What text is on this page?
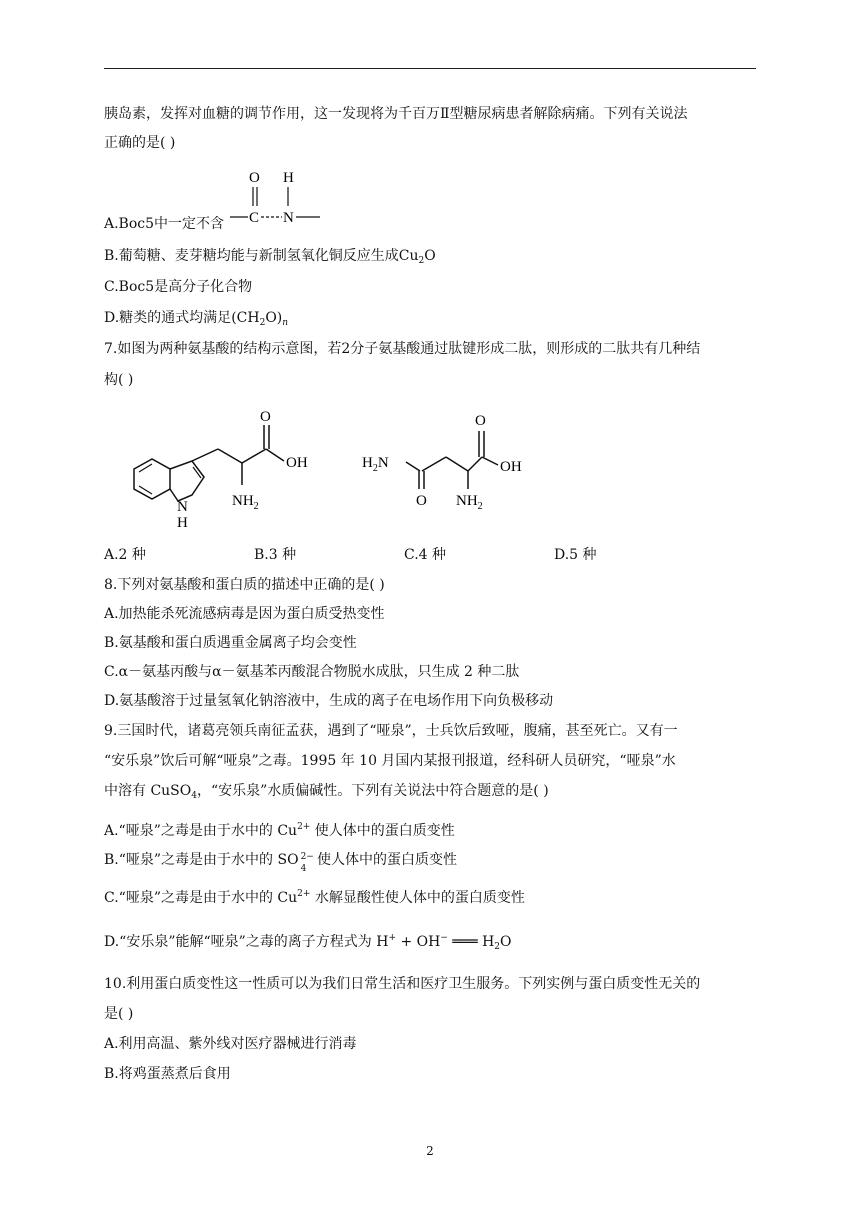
胰岛素，发挥对血糖的调节作用，这一发现将为千百万Ⅱ型糖尿病患者解除病痛。下列有关说法
正确的是( )
O H
C N
A.Boc5中一定不含
B.葡萄糖、麦芽糖均能与新制氢氧化铜反应生成$Cu_2O$
C.Boc5是高分子化合物
D.糖类的通式均满足$(CH_2O)_n$
7.如图为两种氨基酸的结构示意图，若2分子氨基酸通过肽键形成二肽，则形成的二肽共有几种结
构( )
N
H
O
OH
$NH_2$
$H_2N$
O
O
OH
$NH_2$
A.2 种	B.3 种	C.4 种	D.5 种
8.下列对氨基酸和蛋白质的描述中正确的是( )
A.加热能杀死流感病毒是因为蛋白质受热变性
B.氨基酸和蛋白质遇重金属离子均会变性
C.α－氨基丙酸与α－氨基苯丙酸混合物脱水成肽，只生成 2 种二肽
D.氨基酸溶于过量氢氧化钠溶液中，生成的离子在电场作用下向负极移动
9.三国时代，诸葛亮领兵南征孟获，遇到了“哑泉”，士兵饮后致哑，腹痛，甚至死亡。又有一
“安乐泉”饮后可解“哑泉”之毒。1995 年 10 月国内某报刊报道，经科研人员研究，“哑泉”水
中溶有 CuSO$_4$，“安乐泉”水质偏碱性。下列有关说法中符合题意的是( )
A.“哑泉”之毒是由于水中的 $Cu^{2+}$ 使人体中的蛋白质变性
B.“哑泉”之毒是由于水中的 SO 2−
4
使人体中的蛋白质变性
C.“哑泉”之毒是由于水中的 $Cu^{2+}$ 水解显酸性使人体中的蛋白质变性
D.“安乐泉”能解“哑泉”之毒的离子方程式为 H+ + OH− ═══ $H_2O$
10.利用蛋白质变性这一性质可以为我们日常生活和医疗卫生服务。下列实例与蛋白质变性无关的
是( )
A.利用高温、紫外线对医疗器械进行消毒
B.将鸡蛋蒸煮后食用
2
